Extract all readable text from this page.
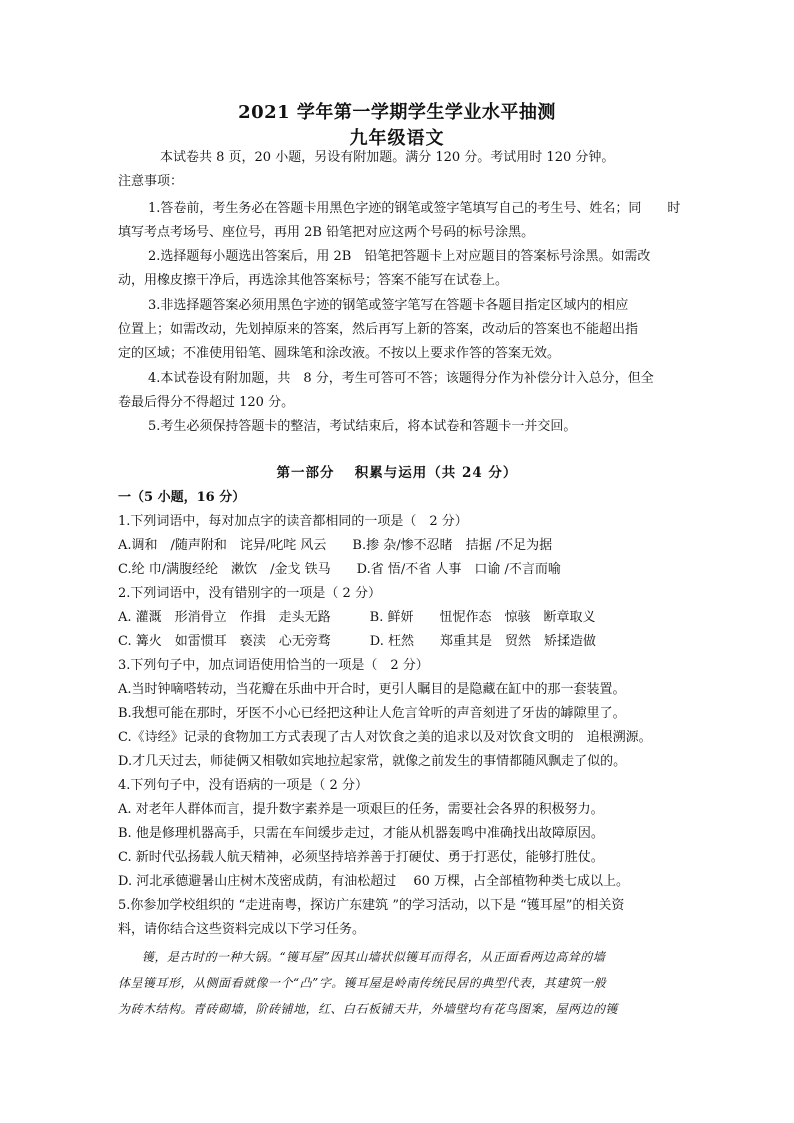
2021 学年第一学期学生学业水平抽测
九年级语文
本试卷共 8 页，20 小题，另设有附加题。满分 120 分。考试用时 120 分钟。
注意事项：
1.答卷前，考生务必在答题卡用黑色字迹的钢笔或签字笔填写自己的考生号、姓名；同　　时
填写考点考场号、座位号，再用 2B 铅笔把对应这两个号码的标号涂黑。
2.选择题每小题选出答案后，用 2B　铅笔把答题卡上对应题目的答案标号涂黑。如需改
动，用橡皮擦干净后，再选涂其他答案标号；答案不能写在试卷上。
3.非选择题答案必须用黑色字迹的钢笔或签字笔写在答题卡各题目指定区域内的相应
位置上；如需改动，先划掉原来的答案，然后再写上新的答案，改动后的答案也不能超出指
定的区域；不准使用铅笔、圆珠笔和涂改液。不按以上要求作答的答案无效。
4.本试卷设有附加题，共　8 分，考生可答可不答；该题得分作为补偿分计入总分，但全
卷最后得分不得超过 120 分。
5.考生必须保持答题卡的整洁，考试结束后，将本试卷和答题卡一并交回。
第一部分　 积累与运用（共 24 分）
一（5 小题，16 分）
1.下列词语中，每对加点字的读音都相同的一项是（　2 分）
A.调和　/随声附和　诧异/叱咤 风云　　B.掺 杂/惨不忍睹　拮据 /不足为据
C.纶 巾/满腹经纶　漱饮　/金戈 铁马　　D.省 悟/不省 人事　口谕 /不言而喻
2.下列词语中，没有错别字的一项是（ 2 分）
A. 灌溉　形消骨立　作揖　走头无路　　　B. 鲜妍　　忸怩作态　惊骇　断章取义
C. 篝火　如雷惯耳　亵渎　心无旁骛　　　D. 枉然　　郑重其是　贸然　矫揉造做
3.下列句子中，加点词语使用恰当的一项是（　2 分）
A.当时钟嘀嗒转动，当花瓣在乐曲中开合时，更引人瞩目的是隐藏在缸中的那一套装置。
B.我想可能在那时，牙医不小心已经把这种让人危言耸听的声音刻进了牙齿的罅隙里了。
C.《诗经》记录的食物加工方式表现了古人对饮食之美的追求以及对饮食文明的　追根溯源。
D.才几天过去，师徒俩又相敬如宾地拉起家常，就像之前发生的事情都随风飘走了似的。
4.下列句子中，没有语病的一项是（ 2 分）
A. 对老年人群体而言，提升数字素养是一项艰巨的任务，需要社会各界的积极努力。
B. 他是修理机器高手，只需在车间缓步走过，才能从机器轰鸣中准确找出故障原因。
C. 新时代弘扬载人航天精神，必须坚持培养善于打硬仗、勇于打恶仗，能够打胜仗。
D. 河北承德避暑山庄树木茂密成荫，有油松超过　 60 万棵，占全部植物种类七成以上。
5.你参加学校组织的 “走进南粤，探访广东建筑 ”的学习活动，以下是 “镬耳屋”的相关资
料，请你结合这些资料完成以下学习任务。
镬，是古时的一种大锅。“镬耳屋”因其山墙状似镬耳而得名，从正面看两边高耸的墙
体呈镬耳形，从侧面看就像一个“凸”字。镬耳屋是岭南传统民居的典型代表，其建筑一般
为砖木结构。青砖砌墙，阶砖铺地，红、白石板铺天井，外墙壁均有花鸟图案，屋两边的镬
